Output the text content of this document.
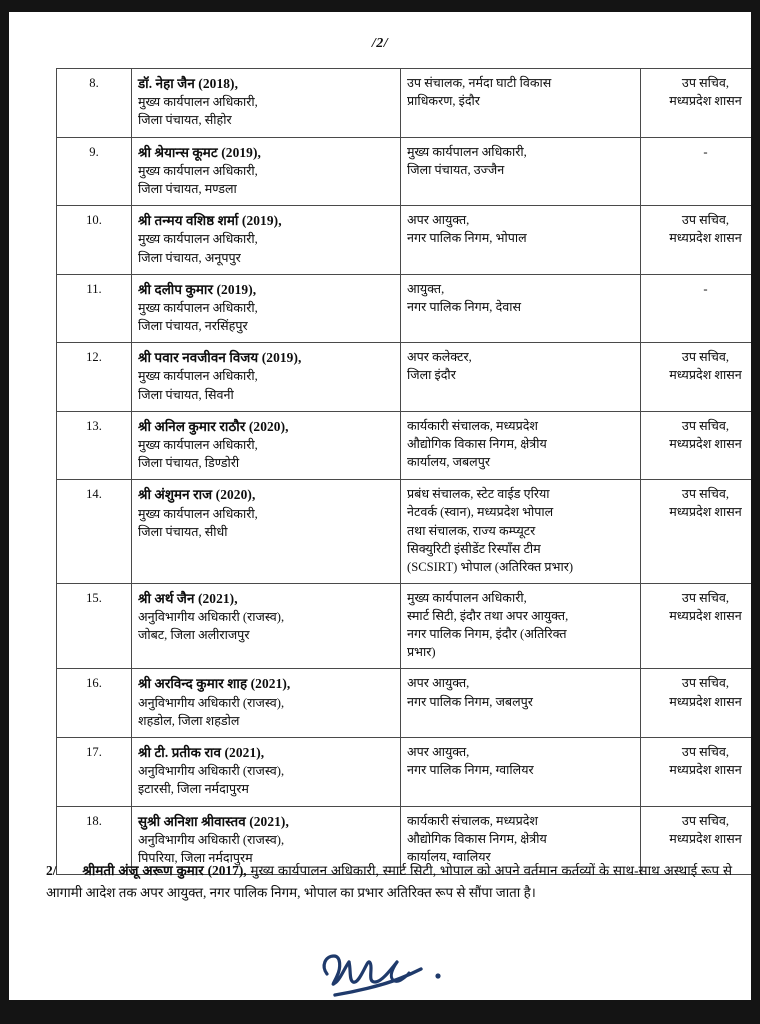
/2/
8.	डॉ. नेहा जैन (2018),
मुख्य कार्यपालन अधिकारी,
जिला पंचायत, सीहोर	उप संचालक, नर्मदा घाटी विकास
प्राधिकरण, इंदौर	उप सचिव,
मध्यप्रदेश शासन

9.	श्री श्रेयान्स कूमट (2019),
मुख्य कार्यपालन अधिकारी,
जिला पंचायत, मण्डला	मुख्य कार्यपालन अधिकारी,
जिला पंचायत, उज्जैन	-

10.	श्री तन्मय वशिष्ठ शर्मा (2019),
मुख्य कार्यपालन अधिकारी,
जिला पंचायत, अनूपपुर	अपर आयुक्त,
नगर पालिक निगम, भोपाल	उप सचिव,
मध्यप्रदेश शासन

11.	श्री दलीप कुमार (2019),
मुख्य कार्यपालन अधिकारी,
जिला पंचायत, नरसिंहपुर	आयुक्त,
नगर पालिक निगम, देवास	-

12.	श्री पवार नवजीवन विजय (2019),
मुख्य कार्यपालन अधिकारी,
जिला पंचायत, सिवनी	अपर कलेक्टर,
जिला इंदौर	उप सचिव,
मध्यप्रदेश शासन

13.	श्री अनिल कुमार राठौर (2020),
मुख्य कार्यपालन अधिकारी,
जिला पंचायत, डिण्डोरी	कार्यकारी संचालक, मध्यप्रदेश
औद्योगिक विकास निगम, क्षेत्रीय
कार्यालय, जबलपुर	उप सचिव,
मध्यप्रदेश शासन

14.	श्री अंशुमन राज (2020),
मुख्य कार्यपालन अधिकारी,
जिला पंचायत, सीधी	प्रबंध संचालक, स्टेट वाईड एरिया
नेटवर्क (स्वान), मध्यप्रदेश भोपाल
तथा संचालक, राज्य कम्प्यूटर
सिक्युरिटी इंसीडेंट रिस्पाँस टीम
(SCSIRT) भोपाल (अतिरिक्त प्रभार)	उप सचिव,
मध्यप्रदेश शासन

15.	श्री अर्थ जैन (2021),
अनुविभागीय अधिकारी (राजस्व),
जोबट, जिला अलीराजपुर	मुख्य कार्यपालन अधिकारी,
स्मार्ट सिटी, इंदौर तथा अपर आयुक्त,
नगर पालिक निगम, इंदौर (अतिरिक्त
प्रभार)	उप सचिव,
मध्यप्रदेश शासन

16.	श्री अरविन्द कुमार शाह (2021),
अनुविभागीय अधिकारी (राजस्व),
शहडोल, जिला शहडोल	अपर आयुक्त,
नगर पालिक निगम, जबलपुर	उप सचिव,
मध्यप्रदेश शासन

17.	श्री टी. प्रतीक राव (2021),
अनुविभागीय अधिकारी (राजस्व),
इटारसी, जिला नर्मदापुरम	अपर आयुक्त,
नगर पालिक निगम, ग्वालियर	उप सचिव,
मध्यप्रदेश शासन

18.	सुश्री अनिशा श्रीवास्तव (2021),
अनुविभागीय अधिकारी (राजस्व),
पिपरिया, जिला नर्मदापुरम	कार्यकारी संचालक, मध्यप्रदेश
औद्योगिक विकास निगम, क्षेत्रीय
कार्यालय, ग्वालियर	उप सचिव,
मध्यप्रदेश शासन
2/ श्रीमती अंजू अरूण कुमार (2017), मुख्य कार्यपालन अधिकारी, स्मार्ट सिटी, भोपाल को अपने वर्तमान कर्तव्यों के साथ-साथ अस्थाई रूप से आगामी आदेश तक अपर आयुक्त, नगर पालिक निगम, भोपाल का प्रभार अतिरिक्त रूप से सौंपा जाता है।
